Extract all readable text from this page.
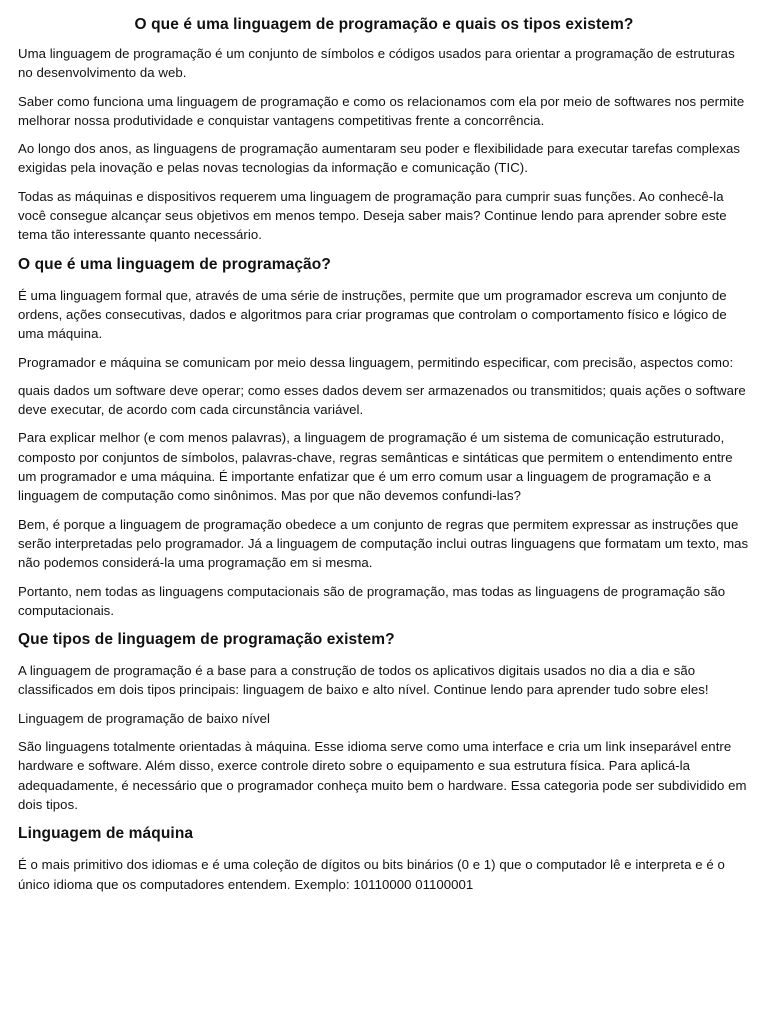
O que é uma linguagem de programação e quais os tipos existem?

Uma linguagem de programação é um conjunto de símbolos e códigos usados para orientar a programação de estruturas no desenvolvimento da web.

Saber como funciona uma linguagem de programação e como os relacionamos com ela por meio de softwares nos permite melhorar nossa produtividade e conquistar vantagens competitivas frente a concorrência.

Ao longo dos anos, as linguagens de programação aumentaram seu poder e flexibilidade para executar tarefas complexas exigidas pela inovação e pelas novas tecnologias da informação e comunicação (TIC).

Todas as máquinas e dispositivos requerem uma linguagem de programação para cumprir suas funções. Ao conhecê-la você consegue alcançar seus objetivos em menos tempo. Deseja saber mais? Continue lendo para aprender sobre este tema tão interessante quanto necessário.

O que é uma linguagem de programação?

É uma linguagem formal que, através de uma série de instruções, permite que um programador escreva um conjunto de ordens, ações consecutivas, dados e algoritmos para criar programas que controlam o comportamento físico e lógico de uma máquina.

Programador e máquina se comunicam por meio dessa linguagem, permitindo especificar, com precisão, aspectos como:

quais dados um software deve operar; como esses dados devem ser armazenados ou transmitidos; quais ações o software deve executar, de acordo com cada circunstância variável.

Para explicar melhor (e com menos palavras), a linguagem de programação é um sistema de comunicação estruturado, composto por conjuntos de símbolos, palavras-chave, regras semânticas e sintáticas que permitem o entendimento entre um programador e uma máquina. É importante enfatizar que é um erro comum usar a linguagem de programação e a linguagem de computação como sinônimos. Mas por que não devemos confundi-las?

Bem, é porque a linguagem de programação obedece a um conjunto de regras que permitem expressar as instruções que serão interpretadas pelo programador. Já a linguagem de computação inclui outras linguagens que formatam um texto, mas não podemos considerá-la uma programação em si mesma.

Portanto, nem todas as linguagens computacionais são de programação, mas todas as linguagens de programação são computacionais.

Que tipos de linguagem de programação existem?

A linguagem de programação é a base para a construção de todos os aplicativos digitais usados no dia a dia e são classificados em dois tipos principais: linguagem de baixo e alto nível. Continue lendo para aprender tudo sobre eles!

Linguagem de programação de baixo nível

São linguagens totalmente orientadas à máquina. Esse idioma serve como uma interface e cria um link inseparável entre hardware e software. Além disso, exerce controle direto sobre o equipamento e sua estrutura física. Para aplicá-la adequadamente, é necessário que o programador conheça muito bem o hardware. Essa categoria pode ser subdividido em dois tipos.

Linguagem de máquina

É o mais primitivo dos idiomas e é uma coleção de dígitos ou bits binários (0 e 1) que o computador lê e interpreta e é o único idioma que os computadores entendem. Exemplo: 10110000 01100001
